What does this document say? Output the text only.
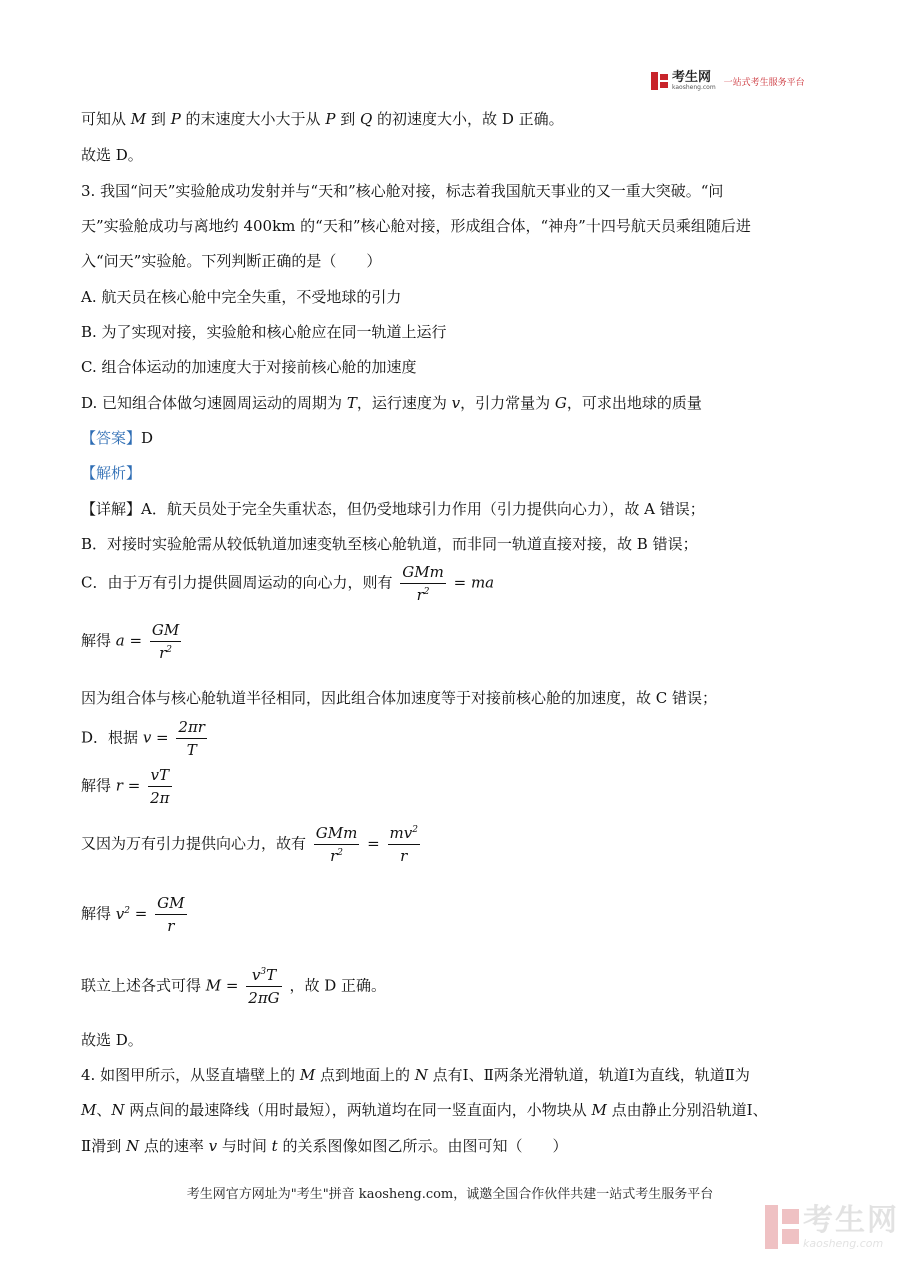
考生网
kaosheng.com 一站式考生服务平台
可知从 M 到 P 的末速度大小大于从 P 到 Q 的初速度大小，故 D 正确。
故选 D。
3. 我国“问天”实验舱成功发射并与“天和”核心舱对接，标志着我国航天事业的又一重大突破。“问
天”实验舱成功与离地约 400km 的“天和”核心舱对接，形成组合体，“神舟”十四号航天员乘组随后进
入“问天”实验舱。下列判断正确的是（　　）
A. 航天员在核心舱中完全失重，不受地球的引力
B. 为了实现对接，实验舱和核心舱应在同一轨道上运行
C. 组合体运动的加速度大于对接前核心舱的加速度
D. 已知组合体做匀速圆周运动的周期为 T，运行速度为 v，引力常量为 G，可求出地球的质量
【答案】D
【解析】
【详解】A．航天员处于完全失重状态，但仍受地球引力作用（引力提供向心力），故 A 错误；
B．对接时实验舱需从较低轨道加速变轨至核心舱轨道，而非同一轨道直接对接，故 B 错误；
C．由于万有引力提供圆周运动的向心力，则有 $\frac{\text{GMm}}{r^2}$ = ma
解得 $a = \frac{GM}{r^2}$
因为组合体与核心舱轨道半径相同，因此组合体加速度等于对接前核心舱的加速度，故 C 错误；
D．根据 $v = \frac{2\pi r}{T}$
解得 $r = \frac{vT}{2\pi}$
又因为万有引力提供向心力，故有 $\frac{\text{GMm}}{r^2} = \frac{mv^2}{r}$
解得 $v^2 = \frac{GM}{r}$
联立上述各式可得 $M = \frac{v^3T}{2\pi G}$ ，故 D 正确。
故选 D。
4. 如图甲所示，从竖直墙壁上的 M 点到地面上的 N 点有Ⅰ、Ⅱ两条光滑轨道，轨道Ⅰ为直线，轨道Ⅱ为
M、N 两点间的最速降线（用时最短），两轨道均在同一竖直面内，小物块从 M 点由静止分别沿轨道Ⅰ、
Ⅱ滑到 N 点的速率 v 与时间 t 的关系图像如图乙所示。由图可知（　　）
考生网官方网址为"考生"拼音 kaosheng.com，诚邀全国合作伙伴共建一站式考生服务平台
考生网
kaosheng.com
